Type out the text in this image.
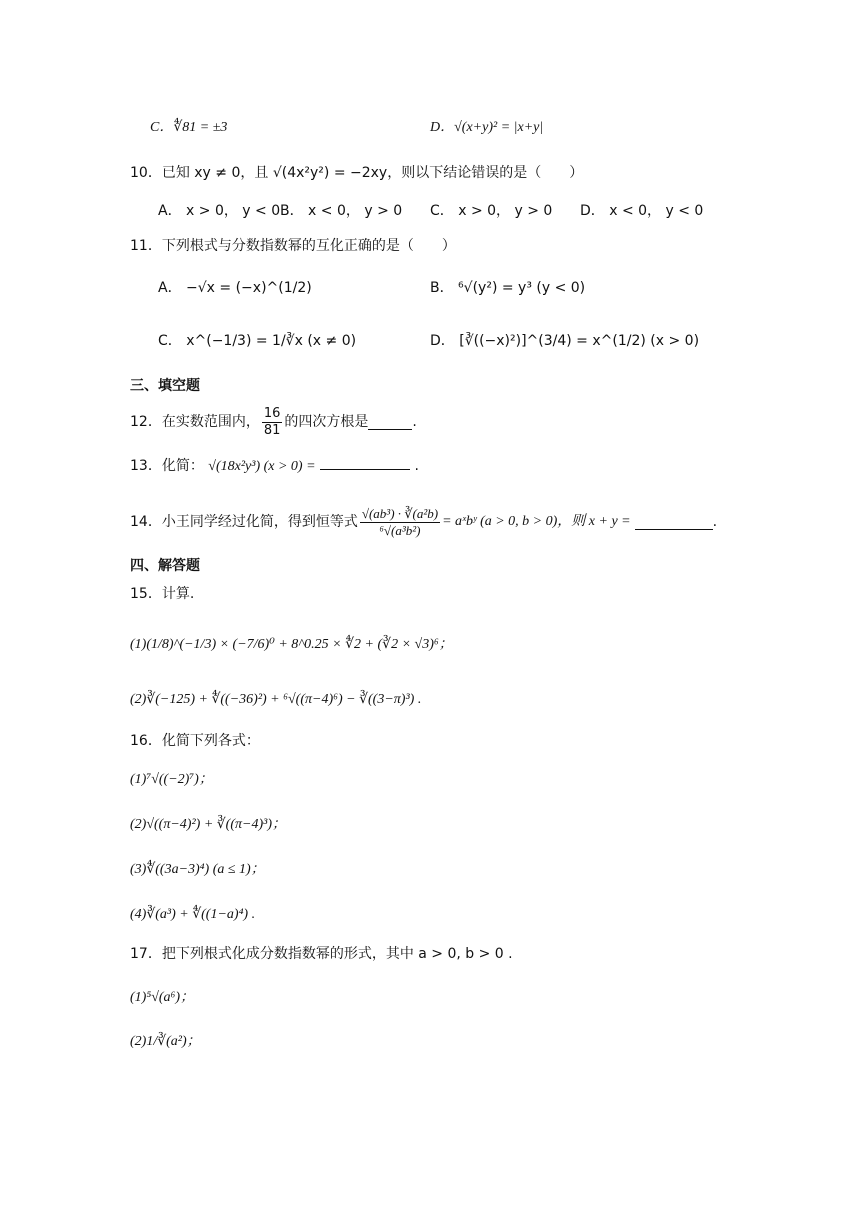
C．∜81 = ±3	D．√(x+y)² = |x+y|
10．已知 xy ≠ 0，且 √(4x²y²) = −2xy，则以下结论错误的是（　　）
A． x > 0， y < 0 B． x < 0， y > 0 C． x > 0， y > 0 D． x < 0， y < 0
11．下列根式与分数指数幂的互化正确的是（　　）
A． −√x = (−x)^(1/2)	B． ⁶√(y²) = y³ (y < 0)
C． x^(−1/3) = 1/∛x (x ≠ 0)	D． [∛((−x)²)]^(3/4) = x^(1/2) (x > 0)
三、填空题
12．在实数范围内， $\frac{16}{81}$ 的四次方根是	.
13．化简： √(18x²y³) (x > 0) =	.
14．小王同学经过化简，得到恒等式 $\frac{\text{√(ab³) · ∛(a²b)}}{\text{⁶√(a³b²)}}$ = aˣbʸ (a > 0, b > 0)，则 x + y =	.
四、解答题
15．计算.
(1)(1/8)^(−1/3) × (−7/6)⁰ + 8^0.25 × ∜2 + (∛2 × √3)⁶；
(2)∛(−125) + ∜((−36)²) + ⁶√((π−4)⁶) − ∛((3−π)³) .
16．化简下列各式：
(1)⁷√((−2)⁷)；
(2)√((π−4)²) + ∛((π−4)³)；
(3)∜((3a−3)⁴) (a ≤ 1)；
(4)∛(a³) + ∜((1−a)⁴) .
17．把下列根式化成分数指数幂的形式，其中 a > 0, b > 0 .
(1)⁵√(a⁶)；
(2)1/∛(a²)；
